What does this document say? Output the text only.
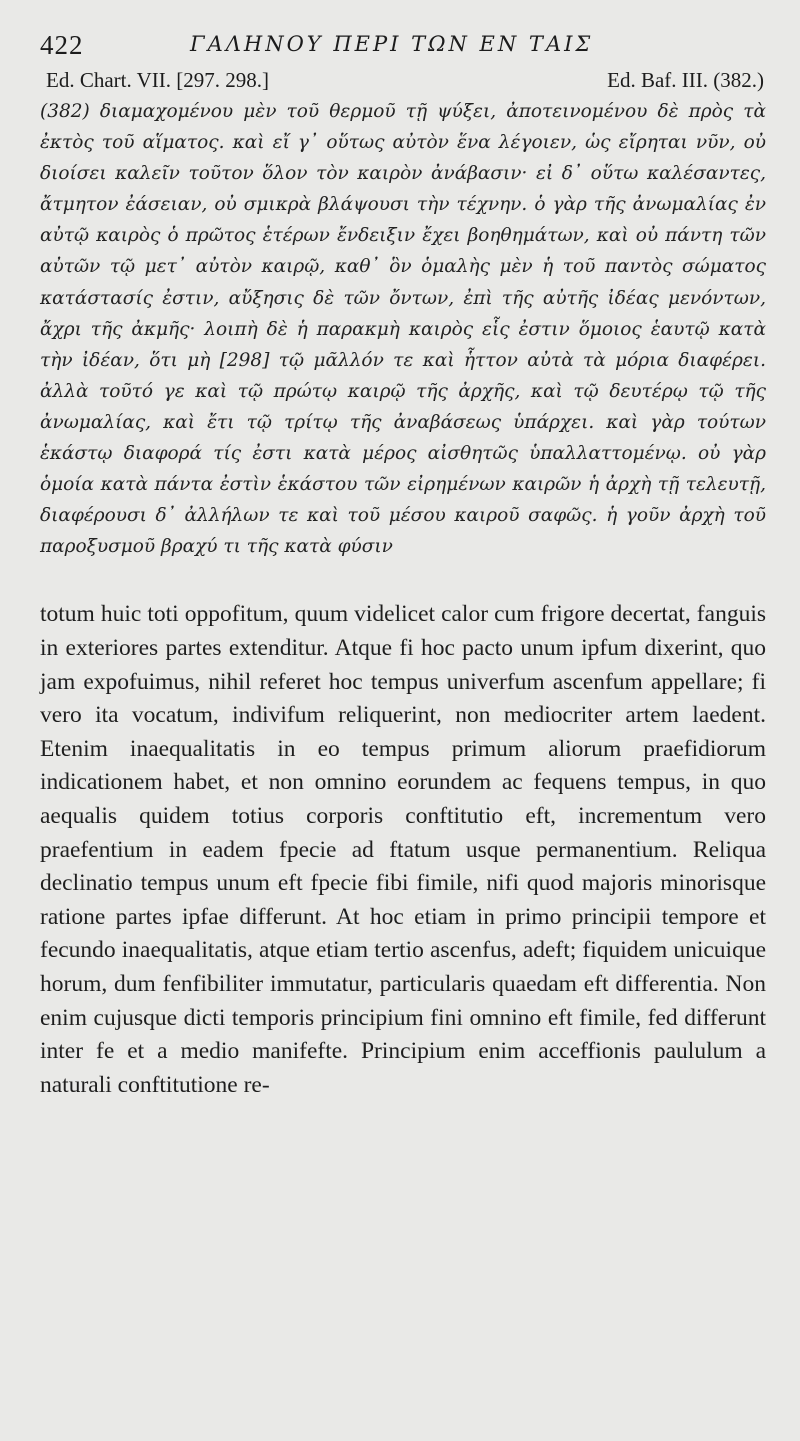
422	ΓΑΛΗΝΟΥ ΠΕΡΙ ΤΩΝ ΕΝ ΤΑΙΣ
Ed. Chart. VII. [297. 298.]	Ed. Baf. III. (382.)

(382) διαμαχομένου μὲν τοῦ θερμοῦ τῇ ψύξει, ἀποτεινομένου δὲ πρὸς τὰ ἐκτὸς τοῦ αἵματος. καὶ εἴ γ᾽ οὕτως αὐτὸν ἕνα λέγοιεν, ὡς εἴρηται νῦν, οὐ διοίσει καλεῖν τοῦτον ὅλον τὸν καιρὸν ἀνάβασιν· εἰ δ᾽ οὕτω καλέσαντες, ἄτμητον ἐάσειαν, οὐ σμικρὰ βλάψουσι τὴν τέχνην. ὁ γὰρ τῆς ἀνωμαλίας ἐν αὐτῷ καιρὸς ὁ πρῶτος ἑτέρων ἔνδειξιν ἔχει βοηθημάτων, καὶ οὐ πάντη τῶν αὐτῶν τῷ μετ᾽ αὐτὸν καιρῷ, καθ᾽ ὃν ὁμαλὴς μὲν ἡ τοῦ παντὸς σώματος κατάστασίς ἐστιν, αὔξησις δὲ τῶν ὄντων, ἐπὶ τῆς αὐτῆς ἰδέας μενόντων, ἄχρι τῆς ἀκμῆς· λοιπὴ δὲ ἡ παρακμὴ καιρὸς εἷς ἐστιν ὅμοιος ἑαυτῷ κατὰ τὴν ἰδέαν, ὅτι μὴ [298] τῷ μᾶλλόν τε καὶ ἧττον αὐτὰ τὰ μόρια διαφέρει. ἀλλὰ τοῦτό γε καὶ τῷ πρώτῳ καιρῷ τῆς ἀρχῆς, καὶ τῷ δευτέρῳ τῷ τῆς ἀνωμαλίας, καὶ ἔτι τῷ τρίτῳ τῆς ἀναβάσεως ὑπάρχει. καὶ γὰρ τούτων ἑκάστῳ διαφορά τίς ἐστι κατὰ μέρος αἰσθητῶς ὑπαλλαττομένῳ. οὐ γὰρ ὁμοία κατὰ πάντα ἐστὶν ἑκάστου τῶν εἰρημένων καιρῶν ἡ ἀρχὴ τῇ τελευτῇ, διαφέρουσι δ᾽ ἀλλήλων τε καὶ τοῦ μέσου καιροῦ σαφῶς. ἡ γοῦν ἀρχὴ τοῦ παροξυσμοῦ βραχύ τι τῆς κατὰ φύσιν

totum huic toti oppofitum, quum videlicet calor cum frigore decertat, fanguis in exteriores partes extenditur. Atque fi hoc pacto unum ipfum dixerint, quo jam expofuimus, nihil referet hoc tempus univerfum ascenfum appellare; fi vero ita vocatum, indivifum reliquerint, non mediocriter artem laedent. Etenim inaequalitatis in eo tempus primum aliorum praefidiorum indicationem habet, et non omnino eorundem ac fequens tempus, in quo aequalis quidem totius corporis conftitutio eft, incrementum vero praefentium in eadem fpecie ad ftatum usque permanentium. Reliqua declinatio tempus unum eft fpecie fibi fimile, nifi quod majoris minorisque ratione partes ipfae differunt. At hoc etiam in primo principii tempore et fecundo inaequalitatis, atque etiam tertio ascenfus, adeft; fiquidem unicuique horum, dum fenfibiliter immutatur, particularis quaedam eft differentia. Non enim cujusque dicti temporis principium fini omnino eft fimile, fed differunt inter fe et a medio manifefte. Principium enim acceffionis paululum a naturali conftitutione re-
